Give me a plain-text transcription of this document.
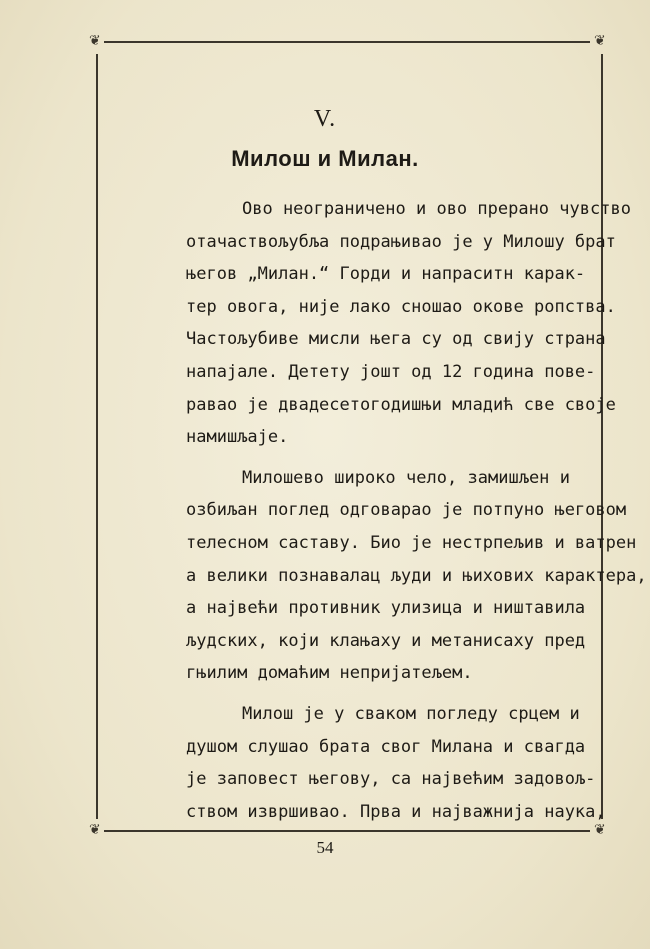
❦	❦
❦	❦
V.
Милош и Милан.
Ово неограничено и ово прерано чувство
отачаствољубља подрањивао је у Милошу брат
његов „Милан.“ Горди и напраситн карак-
тер овога, није лако сношао окове ропства.
Частољубиве мисли њега су од свију страна
напајале. Детету јошт од 12 година пове-
равао је двадесетогодишњи младић све своје
намишљаје.
Милошево широко чело, замишљен и
озбиљан поглед одговарао је потпуно његовом
телесном саставу. Био је нестрпељив и ватрен
а велики познавалац људи и њихових карактера,
а највећи противник улизица и ништавила
људских, који клањаху и метанисаху пред
гњилим домаћим непријатељем.
Милош је у сваком погледу срцем и
душом слушао брата свог Милана и свагда
је заповест његову, са највећим задовољ-
ством извршивао. Прва и најважнија наука,
54
